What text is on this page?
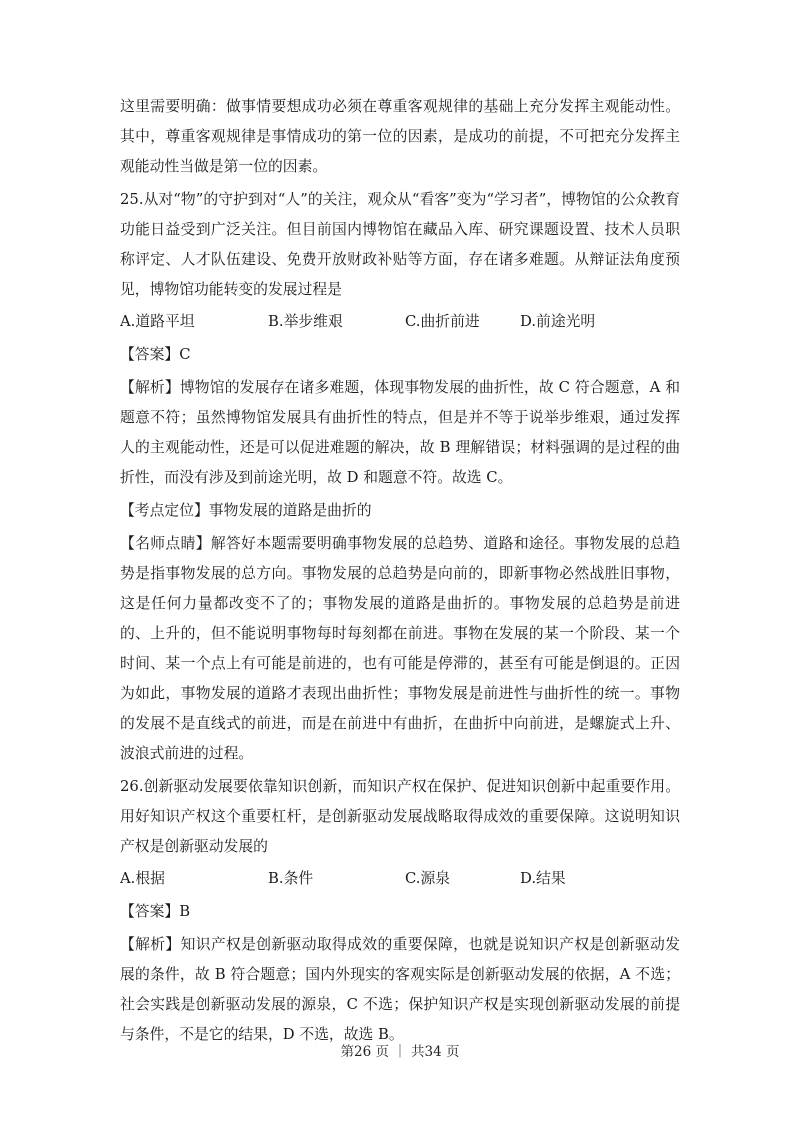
这里需要明确：做事情要想成功必须在尊重客观规律的基础上充分发挥主观能动性。其中，尊重客观规律是事情成功的第一位的因素，是成功的前提，不可把充分发挥主观能动性当做是第一位的因素。

25.从对“物”的守护到对“人”的关注，观众从“看客”变为“学习者”，博物馆的公众教育功能日益受到广泛关注。但目前国内博物馆在藏品入库、研究课题设置、技术人员职称评定、人才队伍建设、免费开放财政补贴等方面，存在诸多难题。从辩证法角度预见，博物馆功能转变的发展过程是

A.道路平坦	B.举步维艰	C.曲折前进	D.前途光明

【答案】C

【解析】博物馆的发展存在诸多难题，体现事物发展的曲折性，故 C 符合题意，A 和题意不符；虽然博物馆发展具有曲折性的特点，但是并不等于说举步维艰，通过发挥人的主观能动性，还是可以促进难题的解决，故 B 理解错误；材料强调的是过程的曲折性，而没有涉及到前途光明，故 D 和题意不符。故选 C。

【考点定位】事物发展的道路是曲折的

【名师点睛】解答好本题需要明确事物发展的总趋势、道路和途径。事物发展的总趋势是指事物发展的总方向。事物发展的总趋势是向前的，即新事物必然战胜旧事物，这是任何力量都改变不了的；事物发展的道路是曲折的。事物发展的总趋势是前进的、上升的，但不能说明事物每时每刻都在前进。事物在发展的某一个阶段、某一个时间、某一个点上有可能是前进的，也有可能是停滞的，甚至有可能是倒退的。正因为如此，事物发展的道路才表现出曲折性；事物发展是前进性与曲折性的统一。事物的发展不是直线式的前进，而是在前进中有曲折，在曲折中向前进，是螺旋式上升、波浪式前进的过程。

26.创新驱动发展要依靠知识创新，而知识产权在保护、促进知识创新中起重要作用。用好知识产权这个重要杠杆，是创新驱动发展战略取得成效的重要保障。这说明知识产权是创新驱动发展的

A.根据	B.条件	C.源泉	D.结果

【答案】B

【解析】知识产权是创新驱动取得成效的重要保障，也就是说知识产权是创新驱动发展的条件，故 B 符合题意；国内外现实的客观实际是创新驱动发展的依据，A 不选；社会实践是创新驱动发展的源泉，C 不选；保护知识产权是实现创新驱动发展的前提与条件，不是它的结果，D 不选，故选 B。

第26 页 ｜ 共34 页
